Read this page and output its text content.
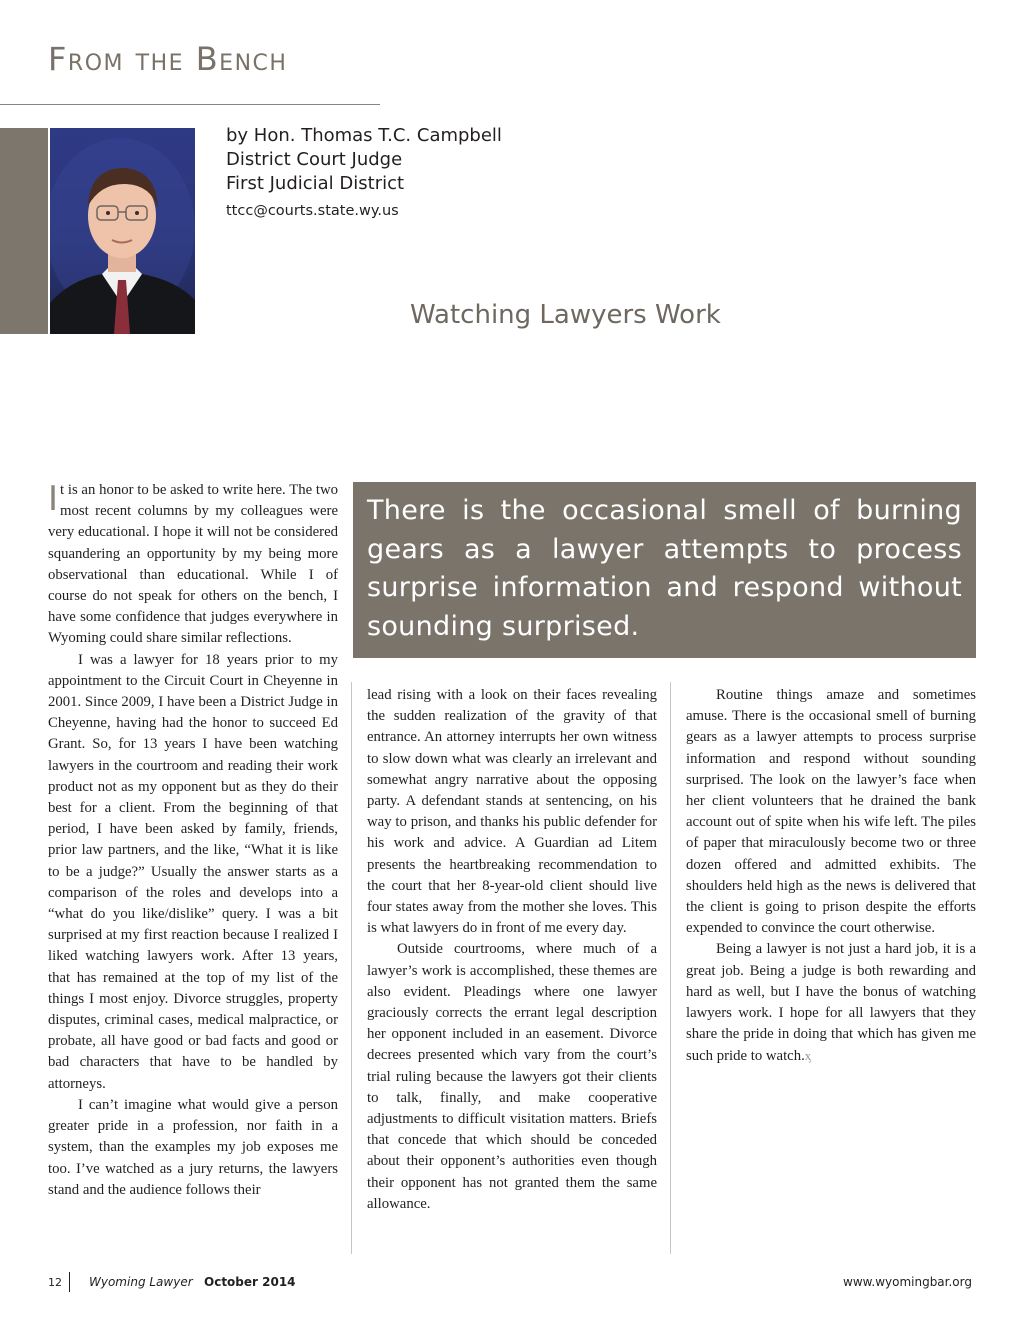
From the Bench
by Hon. Thomas T.C. Campbell
District Court Judge
First Judicial District
ttcc@courts.state.wy.us
Watching Lawyers Work
There is the occasional smell of burning gears as a lawyer attempts to process surprise information and respond without sounding surprised.

It is an honor to be asked to write here. The two most recent columns by my colleagues were very educational. I hope it will not be considered squandering an opportunity by my being more observational than educational. While I of course do not speak for others on the bench, I have some confidence that judges everywhere in Wyoming could share similar reflections.

I was a lawyer for 18 years prior to my appointment to the Circuit Court in Cheyenne in 2001. Since 2009, I have been a District Judge in Cheyenne, having had the honor to succeed Ed Grant. So, for 13 years I have been watching lawyers in the courtroom and reading their work product not as my opponent but as they do their best for a client. From the beginning of that period, I have been asked by family, friends, prior law partners, and the like, “What it is like to be a judge?” Usually the answer starts as a comparison of the roles and develops into a “what do you like/dislike” query. I was a bit surprised at my first reaction because I realized I liked watching lawyers work. After 13 years, that has remained at the top of my list of the things I most enjoy. Divorce struggles, property disputes, criminal cases, medical malpractice, or probate, all have good or bad facts and good or bad characters that have to be handled by attorneys.

I can’t imagine what would give a person greater pride in a profession, nor faith in a system, than the examples my job exposes me too. I’ve watched as a jury returns, the lawyers stand and the audience follows their

lead rising with a look on their faces revealing the sudden realization of the gravity of that entrance. An attorney interrupts her own witness to slow down what was clearly an irrelevant and somewhat angry narrative about the opposing party. A defendant stands at sentencing, on his way to prison, and thanks his public defender for his work and advice. A Guardian ad Litem presents the heartbreaking recommendation to the court that her 8-year-old client should live four states away from the mother she loves. This is what lawyers do in front of me every day.

Outside courtrooms, where much of a lawyer’s work is accomplished, these themes are also evident. Pleadings where one lawyer graciously corrects the errant legal description her opponent included in an easement. Divorce decrees presented which vary from the court’s trial ruling because the lawyers got their clients to talk, finally, and make cooperative adjustments to difficult visitation matters. Briefs that concede that which should be conceded about their opponent’s authorities even though their opponent has not granted them the same allowance.

Routine things amaze and sometimes amuse. There is the occasional smell of burning gears as a lawyer attempts to process surprise information and respond without sounding surprised. The look on the lawyer’s face when her client volunteers that he drained the bank account out of spite when his wife left. The piles of paper that miraculously become two or three dozen offered and admitted exhibits. The shoulders held high as the news is delivered that the client is going to prison despite the efforts expended to convince the court otherwise.

Being a lawyer is not just a hard job, it is a great job. Being a judge is both rewarding and hard as well, but I have the bonus of watching lawyers work. I hope for all lawyers that they share the pride in doing that which has given me such pride to watch.ᶍ

12 Wyoming Lawyer October 2014	www.wyomingbar.org
